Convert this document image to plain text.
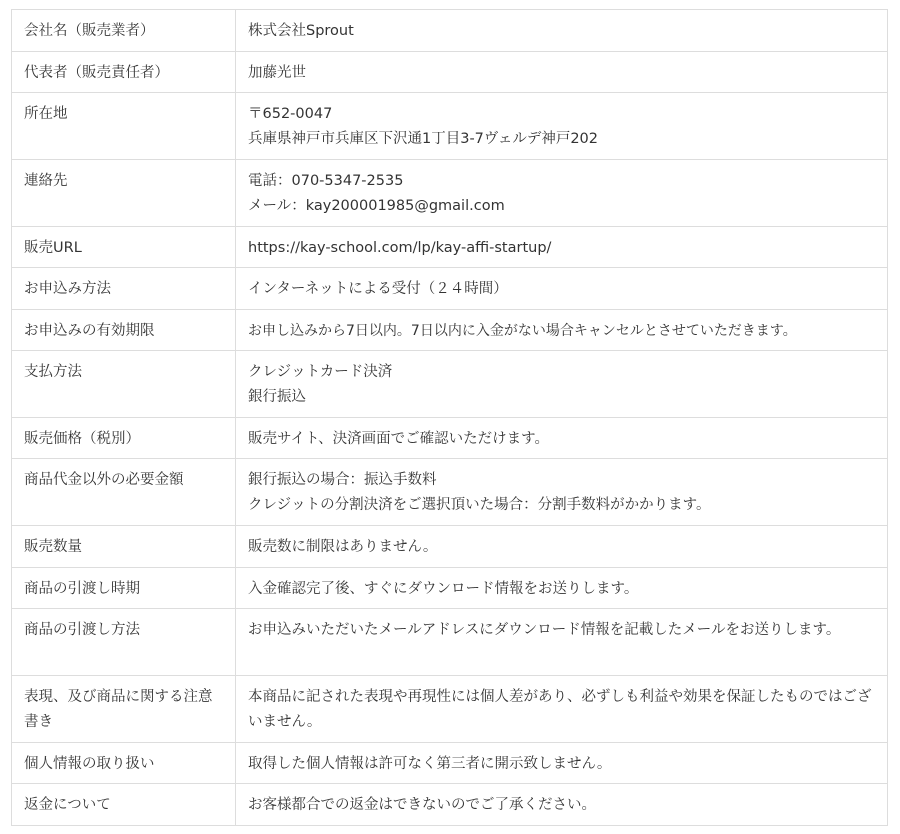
会社名（販売業者）	株式会社Sprout

代表者（販売責任者）	加藤光世

所在地	〒652-0047
兵庫県神戸市兵庫区下沢通1丁目3-7ヴェルデ神戸202

連絡先	電話：070-5347-2535
メール：kay200001985@gmail.com

販売URL	https://kay-school.com/lp/kay-affi-startup/

お申込み方法	インターネットによる受付（２４時間）

お申込みの有効期限	お申し込みから7日以内。7日以内に入金がない場合キャンセルとさせていただきます。

支払方法	クレジットカード決済
銀行振込

販売価格（税別）	販売サイト、決済画面でご確認いただけます。

商品代金以外の必要金額	銀行振込の場合：振込手数料
クレジットの分割決済をご選択頂いた場合：分割手数料がかかります。

販売数量	販売数に制限はありません。

商品の引渡し時期	入金確認完了後、すぐにダウンロード情報をお送りします。

商品の引渡し方法	お申込みいただいたメールアドレスにダウンロード情報を記載したメールをお送りします。

表現、及び商品に関する注意書き	本商品に記された表現や再現性には個人差があり、必ずしも利益や効果を保証したものではございません。

個人情報の取り扱い	取得した個人情報は許可なく第三者に開示致しません。

返金について	お客様都合での返金はできないのでご了承ください。
